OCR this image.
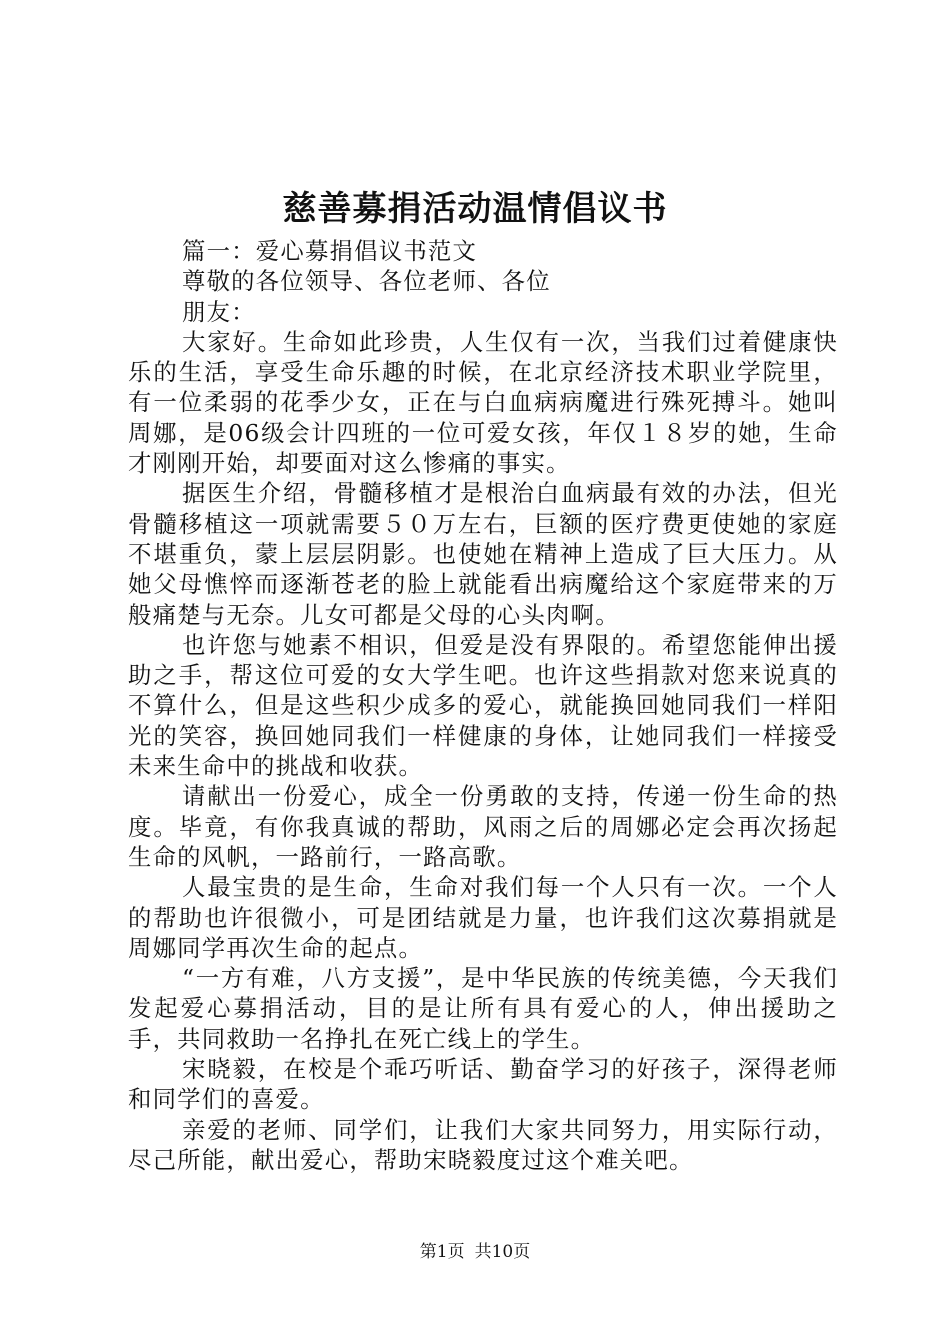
慈善募捐活动温情倡议书

篇一：爱心募捐倡议书范文

尊敬的各位领导、各位老师、各位

朋友：

大家好。生命如此珍贵，人生仅有一次，当我们过着健康快乐的生活，享受生命乐趣的时候，在北京经济技术职业学院里，有一位柔弱的花季少女，正在与白血病病魔进行殊死搏斗。她叫周娜，是06级会计四班的一位可爱女孩，年仅１８岁的她，生命才刚刚开始，却要面对这么惨痛的事实。

据医生介绍，骨髓移植才是根治白血病最有效的办法，但光骨髓移植这一项就需要５０万左右，巨额的医疗费更使她的家庭不堪重负，蒙上层层阴影。也使她在精神上造成了巨大压力。从她父母憔悴而逐渐苍老的脸上就能看出病魔给这个家庭带来的万般痛楚与无奈。儿女可都是父母的心头肉啊。

也许您与她素不相识，但爱是没有界限的。希望您能伸出援助之手，帮这位可爱的女大学生吧。也许这些捐款对您来说真的不算什么，但是这些积少成多的爱心，就能换回她同我们一样阳光的笑容，换回她同我们一样健康的身体，让她同我们一样接受未来生命中的挑战和收获。

请献出一份爱心，成全一份勇敢的支持，传递一份生命的热度。毕竟，有你我真诚的帮助，风雨之后的周娜必定会再次扬起生命的风帆，一路前行，一路高歌。

人最宝贵的是生命，生命对我们每一个人只有一次。一个人的帮助也许很微小，可是团结就是力量，也许我们这次募捐就是周娜同学再次生命的起点。

“一方有难，八方支援”，是中华民族的传统美德，今天我们发起爱心募捐活动，目的是让所有具有爱心的人，伸出援助之手，共同救助一名挣扎在死亡线上的学生。

宋晓毅，在校是个乖巧听话、勤奋学习的好孩子，深得老师和同学们的喜爱。

亲爱的老师、同学们，让我们大家共同努力，用实际行动，尽己所能，献出爱心，帮助宋晓毅度过这个难关吧。

第1页 共10页
